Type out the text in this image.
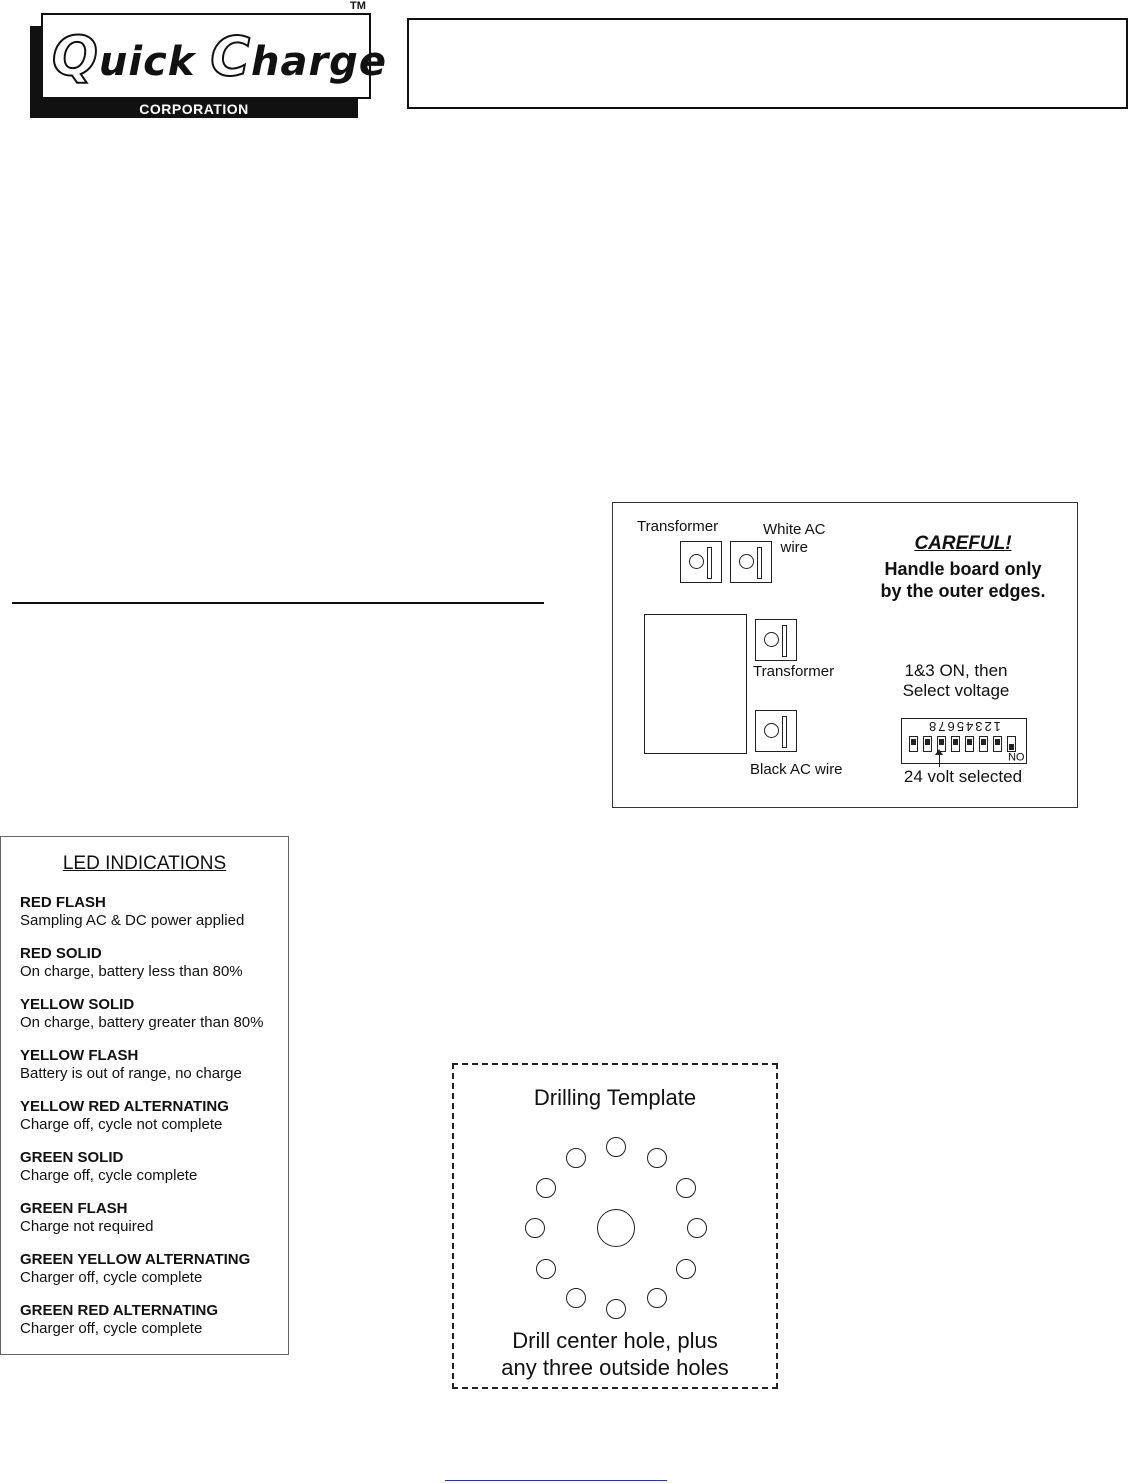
Quick Charge
CORPORATION
TM
Transformer	White AC
wire
Transformer
Black AC wire
CAREFUL!
Handle board only
by the outer edges.
1&3 ON, then
Select voltage
12345678
ON
24 volt selected
LED INDICATIONS
RED FLASH
Sampling AC & DC power applied
RED SOLID
On charge, battery less than 80%
YELLOW SOLID
On charge, battery greater than 80%
YELLOW FLASH
Battery is out of range, no charge
YELLOW RED ALTERNATING
Charge off, cycle not complete
GREEN SOLID
Charge off, cycle complete
GREEN FLASH
Charge not required
GREEN YELLOW ALTERNATING
Charger off, cycle complete
GREEN RED ALTERNATING
Charger off, cycle complete
Drilling Template
Drill center hole, plus
any three outside holes
